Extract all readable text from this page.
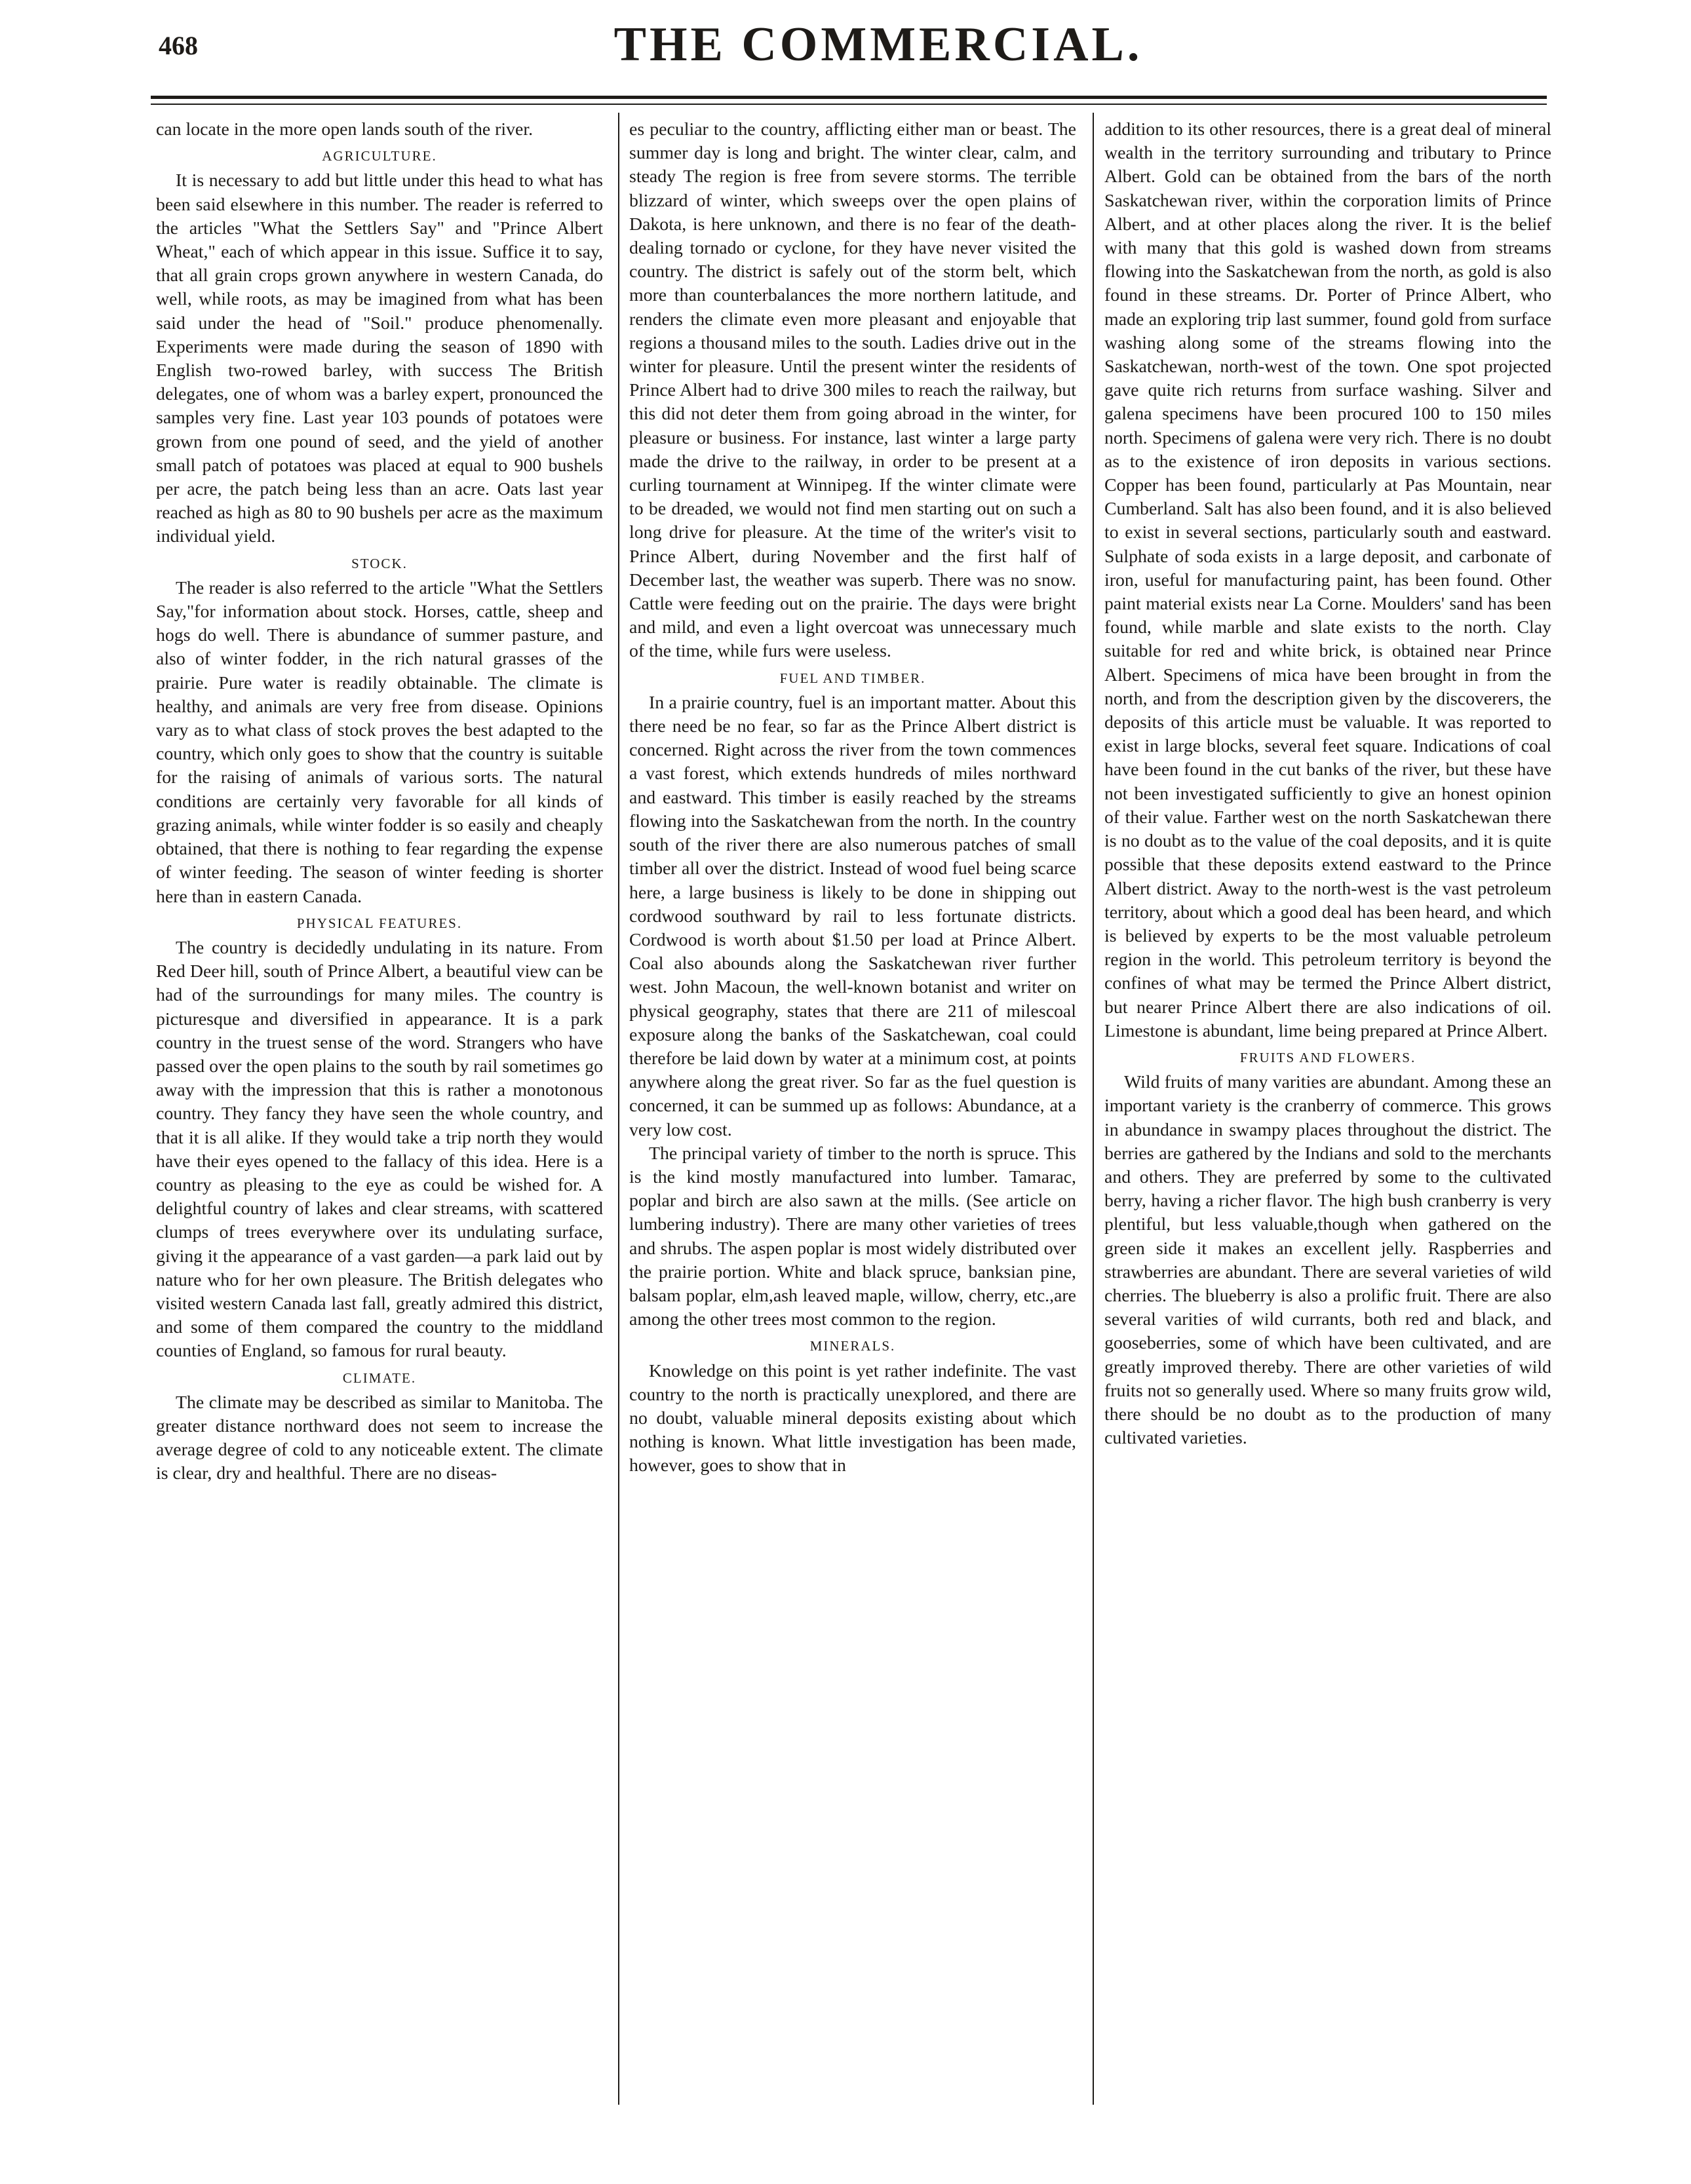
468	THE COMMERCIAL.

can locate in the more open lands south of the river.

AGRICULTURE.

It is necessary to add but little under this head to what has been said elsewhere in this number. The reader is referred to the articles "What the Settlers Say" and "Prince Albert Wheat," each of which appear in this issue. Suffice it to say, that all grain crops grown anywhere in western Canada, do well, while roots, as may be imagined from what has been said under the head of "Soil." produce phenomenally. Experiments were made during the season of 1890 with English two-rowed barley, with success The British delegates, one of whom was a barley expert, pronounced the samples very fine. Last year 103 pounds of potatoes were grown from one pound of seed, and the yield of another small patch of potatoes was placed at equal to 900 bushels per acre, the patch being less than an acre. Oats last year reached as high as 80 to 90 bushels per acre as the maximum individual yield.

STOCK.

The reader is also referred to the article "What the Settlers Say,"for information about stock. Horses, cattle, sheep and hogs do well. There is abundance of summer pasture, and also of winter fodder, in the rich natural grasses of the prairie. Pure water is readily obtainable. The climate is healthy, and animals are very free from disease. Opinions vary as to what class of stock proves the best adapted to the country, which only goes to show that the country is suitable for the raising of animals of various sorts. The natural conditions are certainly very favorable for all kinds of grazing animals, while winter fodder is so easily and cheaply obtained, that there is nothing to fear regarding the expense of winter feeding. The season of winter feeding is shorter here than in eastern Canada.

PHYSICAL FEATURES.

The country is decidedly undulating in its nature. From Red Deer hill, south of Prince Albert, a beautiful view can be had of the surroundings for many miles. The country is picturesque and diversified in appearance. It is a park country in the truest sense of the word. Strangers who have passed over the open plains to the south by rail sometimes go away with the impression that this is rather a monotonous country. They fancy they have seen the whole country, and that it is all alike. If they would take a trip north they would have their eyes opened to the fallacy of this idea. Here is a country as pleasing to the eye as could be wished for. A delightful country of lakes and clear streams, with scattered clumps of trees everywhere over its undulating surface, giving it the appearance of a vast garden—a park laid out by nature who for her own pleasure. The British delegates who visited western Canada last fall, greatly admired this district, and some of them compared the country to the middland counties of England, so famous for rural beauty.

CLIMATE.

The climate may be described as similar to Manitoba. The greater distance northward does not seem to increase the average degree of cold to any noticeable extent. The climate is clear, dry and healthful. There are no diseas-

es peculiar to the country, afflicting either man or beast. The summer day is long and bright. The winter clear, calm, and steady The region is free from severe storms. The terrible blizzard of winter, which sweeps over the open plains of Dakota, is here unknown, and there is no fear of the death-dealing tornado or cyclone, for they have never visited the country. The district is safely out of the storm belt, which more than counterbalances the more northern latitude, and renders the climate even more pleasant and enjoyable that regions a thousand miles to the south. Ladies drive out in the winter for pleasure. Until the present winter the residents of Prince Albert had to drive 300 miles to reach the railway, but this did not deter them from going abroad in the winter, for pleasure or business. For instance, last winter a large party made the drive to the railway, in order to be present at a curling tournament at Winnipeg. If the winter climate were to be dreaded, we would not find men starting out on such a long drive for pleasure. At the time of the writer's visit to Prince Albert, during November and the first half of December last, the weather was superb. There was no snow. Cattle were feeding out on the prairie. The days were bright and mild, and even a light overcoat was unnecessary much of the time, while furs were useless.

FUEL AND TIMBER.

In a prairie country, fuel is an important matter. About this there need be no fear, so far as the Prince Albert district is concerned. Right across the river from the town commences a vast forest, which extends hundreds of miles northward and eastward. This timber is easily reached by the streams flowing into the Saskatchewan from the north. In the country south of the river there are also numerous patches of small timber all over the district. Instead of wood fuel being scarce here, a large business is likely to be done in shipping out cordwood southward by rail to less fortunate districts. Cordwood is worth about $1.50 per load at Prince Albert. Coal also abounds along the Saskatchewan river further west. John Macoun, the well-known botanist and writer on physical geography, states that there are 211 of milescoal exposure along the banks of the Saskatchewan, coal could therefore be laid down by water at a minimum cost, at points anywhere along the great river. So far as the fuel question is concerned, it can be summed up as follows: Abundance, at a very low cost.

The principal variety of timber to the north is spruce. This is the kind mostly manufactured into lumber. Tamarac, poplar and birch are also sawn at the mills. (See article on lumbering industry). There are many other varieties of trees and shrubs. The aspen poplar is most widely distributed over the prairie portion. White and black spruce, banksian pine, balsam poplar, elm,ash leaved maple, willow, cherry, etc.,are among the other trees most common to the region.

MINERALS.

Knowledge on this point is yet rather indefinite. The vast country to the north is practically unexplored, and there are no doubt, valuable mineral deposits existing about which nothing is known. What little investigation has been made, however, goes to show that in

addition to its other resources, there is a great deal of mineral wealth in the territory surrounding and tributary to Prince Albert. Gold can be obtained from the bars of the north Saskatchewan river, within the corporation limits of Prince Albert, and at other places along the river. It is the belief with many that this gold is washed down from streams flowing into the Saskatchewan from the north, as gold is also found in these streams. Dr. Porter of Prince Albert, who made an exploring trip last summer, found gold from surface washing along some of the streams flowing into the Saskatchewan, north-west of the town. One spot projected gave quite rich returns from surface washing. Silver and galena specimens have been procured 100 to 150 miles north. Specimens of galena were very rich. There is no doubt as to the existence of iron deposits in various sections. Copper has been found, particularly at Pas Mountain, near Cumberland. Salt has also been found, and it is also believed to exist in several sections, particularly south and eastward. Sulphate of soda exists in a large deposit, and carbonate of iron, useful for manufacturing paint, has been found. Other paint material exists near La Corne. Moulders' sand has been found, while marble and slate exists to the north. Clay suitable for red and white brick, is obtained near Prince Albert. Specimens of mica have been brought in from the north, and from the description given by the discoverers, the deposits of this article must be valuable. It was reported to exist in large blocks, several feet square. Indications of coal have been found in the cut banks of the river, but these have not been investigated sufficiently to give an honest opinion of their value. Farther west on the north Saskatchewan there is no doubt as to the value of the coal deposits, and it is quite possible that these deposits extend eastward to the Prince Albert district. Away to the north-west is the vast petroleum territory, about which a good deal has been heard, and which is believed by experts to be the most valuable petroleum region in the world. This petroleum territory is beyond the confines of what may be termed the Prince Albert district, but nearer Prince Albert there are also indications of oil. Limestone is abundant, lime being prepared at Prince Albert.

FRUITS AND FLOWERS.

Wild fruits of many varities are abundant. Among these an important variety is the cranberry of commerce. This grows in abundance in swampy places throughout the district. The berries are gathered by the Indians and sold to the merchants and others. They are preferred by some to the cultivated berry, having a richer flavor. The high bush cranberry is very plentiful, but less valuable,though when gathered on the green side it makes an excellent jelly. Raspberries and strawberries are abundant. There are several varieties of wild cherries. The blueberry is also a prolific fruit. There are also several varities of wild currants, both red and black, and gooseberries, some of which have been cultivated, and are greatly improved thereby. There are other varieties of wild fruits not so generally used. Where so many fruits grow wild, there should be no doubt as to the production of many cultivated varieties.
